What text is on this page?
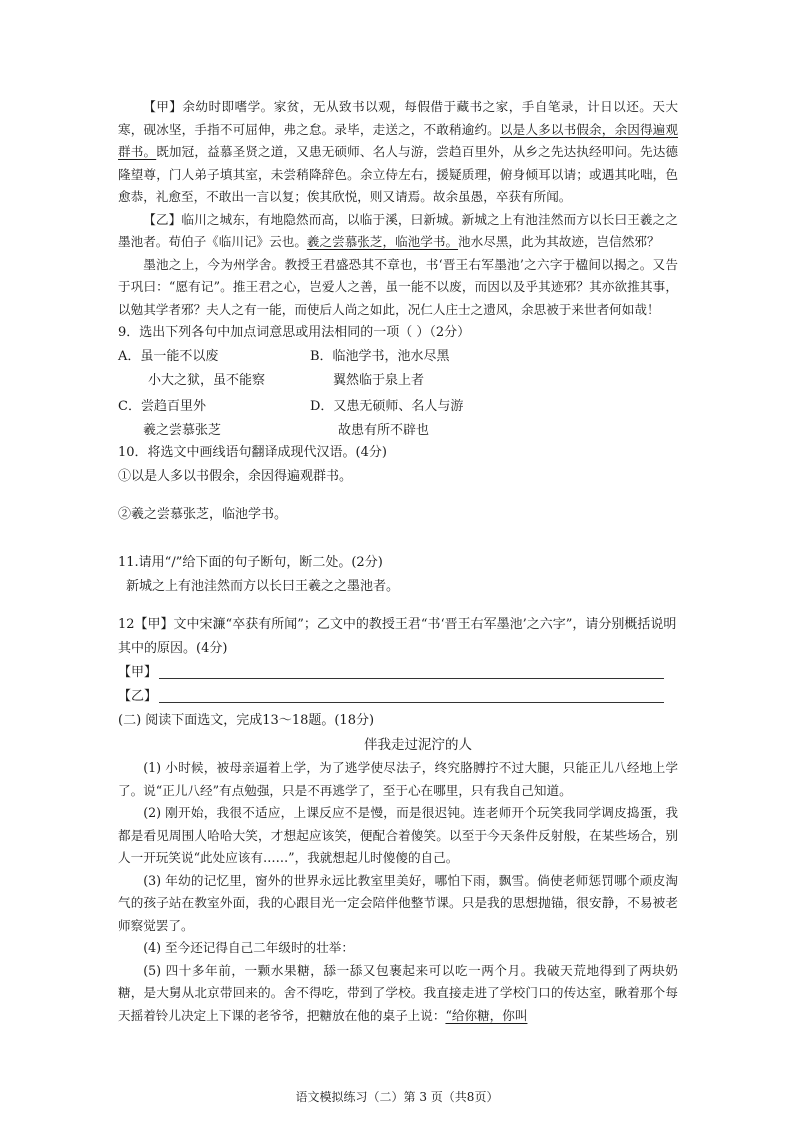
【甲】余幼时即嗜学。家贫，无从致书以观，每假借于藏书之家，手自笔录，计日以还。天大寒，砚冰坚，手指不可屈伸，弗之怠。录毕，走送之，不敢稍逾约。以是人多以书假余，余因得遍观群书。既加冠，益慕圣贤之道，又患无硕师、名人与游，尝趋百里外，从乡之先达执经叩问。先达德隆望尊，门人弟子填其室，未尝稍降辞色。余立侍左右，援疑质理，俯身倾耳以请；或遇其叱咄，色愈恭，礼愈至，不敢出一言以复；俟其欣悦，则又请焉。故余虽愚，卒获有所闻。

【乙】临川之城东，有地隐然而高，以临于溪，曰新城。新城之上有池洼然而方以长曰王羲之之墨池者。荀伯子《临川记》云也。羲之尝慕张芝，临池学书。池水尽黑，此为其故迹，岂信然邪？

墨池之上，今为州学舍。教授王君盛恐其不章也，书‘晋王右军墨池’之六字于楹间以揭之。又告于巩曰：“愿有记”。推王君之心，岂爱人之善，虽一能不以废，而因以及乎其迹邪？其亦欲推其事，以勉其学者邪？夫人之有一能，而使后人尚之如此，况仁人庄士之遗风，余思被于来世者何如哉！

9．选出下列各句中加点词意思或用法相同的一项（ ）（2分）

A．虽一能不以废
小大之狱，虽不能察
B．临池学书，池水尽黑
翼然临于泉上者
C．尝趋百里外
羲之尝慕张芝
D．又患无硕师、名人与游
故患有所不辟也

10．将选文中画线语句翻译成现代汉语。(4分)

①以是人多以书假余，余因得遍观群书。

②羲之尝慕张芝，临池学书。

11.请用“/”给下面的句子断句，断二处。(2分)

新城之上有池洼然而方以长曰王羲之之墨池者。

12【甲】文中宋濂“卒获有所闻”；乙文中的教授王君“书‘晋王右军墨池’之六字”，请分别概括说明其中的原因。(4分)

【甲】

【乙】

(二) 阅读下面选文，完成13～18题。(18分)

伴我走过泥泞的人

(1) 小时候，被母亲逼着上学，为了逃学使尽法子，终究胳膊拧不过大腿，只能正儿八经地上学了。说“正儿八经”有点勉强，只是不再逃学了，至于心在哪里，只有我自己知道。

(2) 刚开始，我很不适应，上课反应不是慢，而是很迟钝。连老师开个玩笑我同学调皮捣蛋，我都是看见周围人哈哈大笑，才想起应该笑，便配合着傻笑。以至于今天条件反射般，在某些场合，别人一开玩笑说“此处应该有……”，我就想起儿时傻傻的自己。

(3) 年幼的记忆里，窗外的世界永远比教室里美好，哪怕下雨，飘雪。倘使老师惩罚哪个顽皮淘气的孩子站在教室外面，我的心跟目光一定会陪伴他整节课。只是我的思想抛锚，很安静，不易被老师察觉罢了。

(4) 至今还记得自己二年级时的壮举：

(5) 四十多年前，一颗水果糖，舔一舔又包裹起来可以吃一两个月。我破天荒地得到了两块奶糖，是大舅从北京带回来的。舍不得吃，带到了学校。我直接走进了学校门口的传达室，瞅着那个每天摇着铃儿决定上下课的老爷爷，把糖放在他的桌子上说：“给你糖，你叫

语文模拟练习（二）第 3 页（共8页）
